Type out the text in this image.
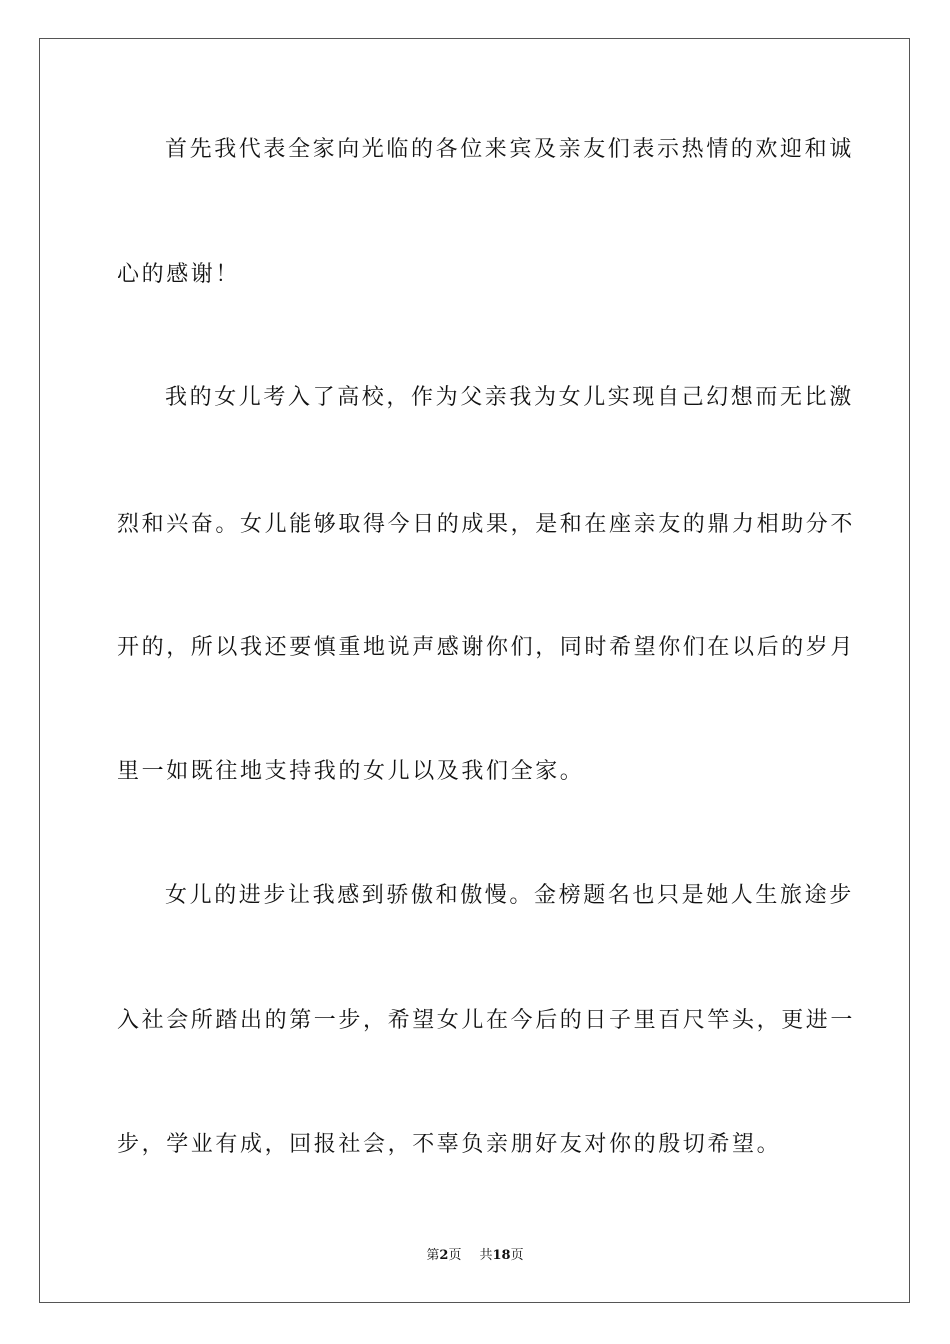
首先我代表全家向光临的各位来宾及亲友们表示热情的欢迎和诚
心的感谢！
我的女儿考入了高校，作为父亲我为女儿实现自己幻想而无比激
烈和兴奋。女儿能够取得今日的成果，是和在座亲友的鼎力相助分不
开的，所以我还要慎重地说声感谢你们，同时希望你们在以后的岁月
里一如既往地支持我的女儿以及我们全家。
女儿的进步让我感到骄傲和傲慢。金榜题名也只是她人生旅途步
入社会所踏出的第一步，希望女儿在今后的日子里百尺竿头，更进一
步，学业有成，回报社会，不辜负亲朋好友对你的殷切希望。
第2页 共18页
